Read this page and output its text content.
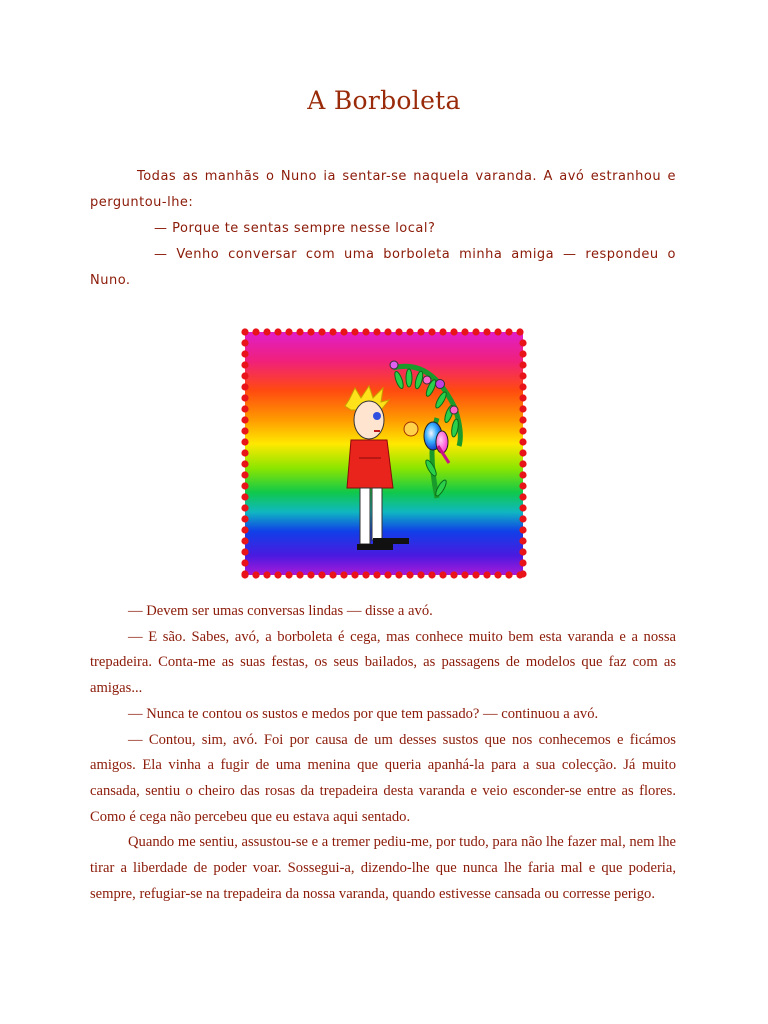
A Borboleta

Todas as manhãs o Nuno ia sentar-se naquela varanda. A avó estranhou e perguntou-lhe:

— Porque te sentas sempre nesse local?

— Venho conversar com uma borboleta minha amiga — respondeu o Nuno.

— Devem ser umas conversas lindas — disse a avó.

— E são. Sabes, avó, a borboleta é cega, mas conhece muito bem esta varanda e a nossa trepadeira. Conta-me as suas festas, os seus bailados, as passagens de modelos que faz com as amigas...

— Nunca te contou os sustos e medos por que tem passado? — continuou a avó.

— Contou, sim, avó. Foi por causa de um desses sustos que nos conhecemos e ficámos amigos. Ela vinha a fugir de uma menina que queria apanhá-la para a sua colecção. Já muito cansada, sentiu o cheiro das rosas da trepadeira desta varanda e veio esconder-se entre as flores. Como é cega não percebeu que eu estava aqui sentado.

Quando me sentiu, assustou-se e a tremer pediu-me, por tudo, para não lhe fazer mal, nem lhe tirar a liberdade de poder voar. Sossegui-a, dizendo-lhe que nunca lhe faria mal e que poderia, sempre, refugiar-se na trepadeira da nossa varanda, quando estivesse cansada ou corresse perigo.
